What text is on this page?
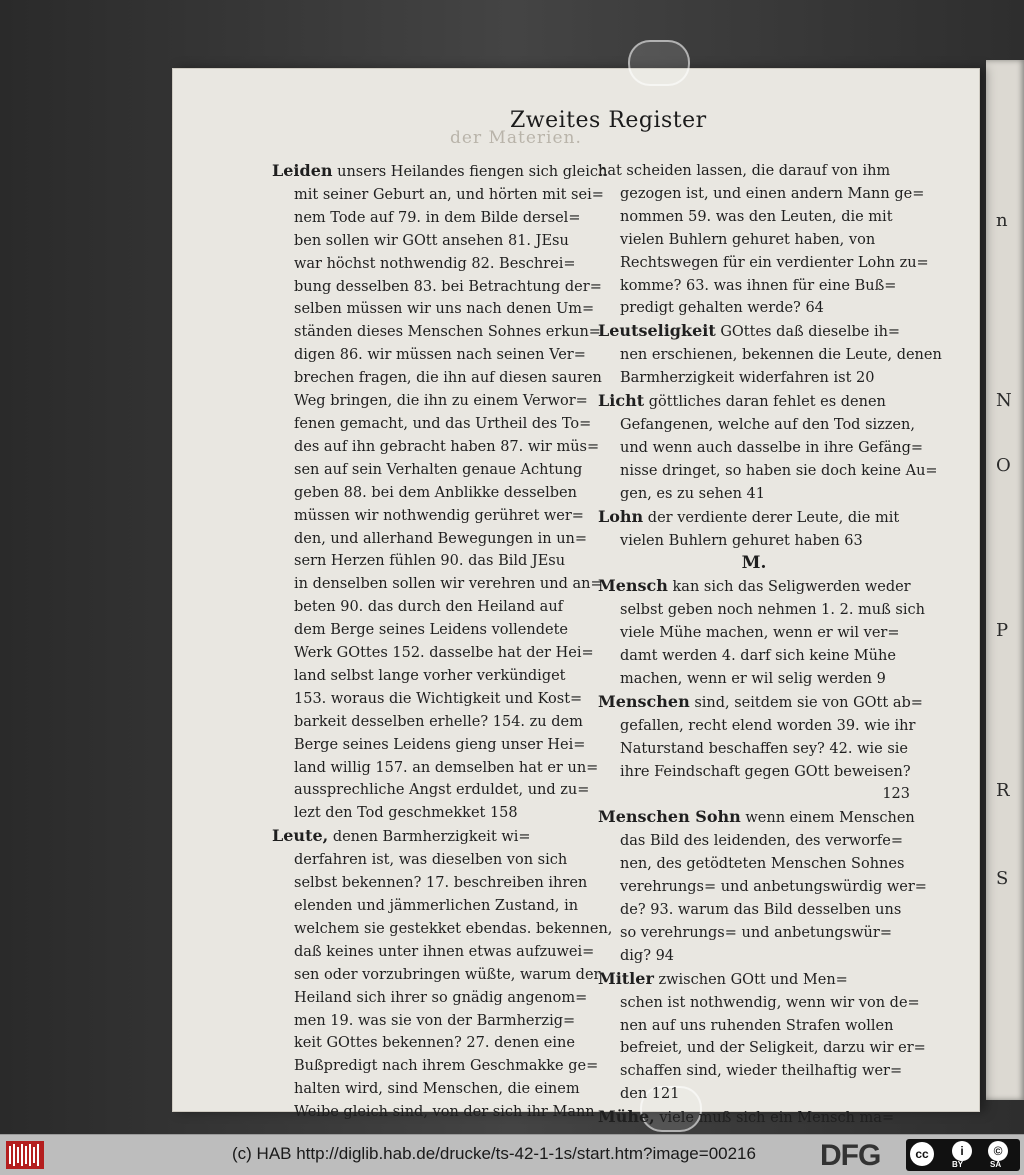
n
N
O
P
R
S
der Materien.
Zweites Register
Leiden unsers Heilandes fiengen sich gleich
mit seiner Geburt an, und hörten mit sei=
nem Tode auf 79. in dem Bilde dersel=
ben sollen wir GOtt ansehen 81. JEsu
war höchst nothwendig 82. Beschrei=
bung desselben 83. bei Betrachtung der=
selben müssen wir uns nach denen Um=
ständen dieses Menschen Sohnes erkun=
digen 86. wir müssen nach seinen Ver=
brechen fragen, die ihn auf diesen sauren
Weg bringen, die ihn zu einem Verwor=
fenen gemacht, und das Urtheil des To=
des auf ihn gebracht haben 87. wir müs=
sen auf sein Verhalten genaue Achtung
geben 88. bei dem Anblikke desselben
müssen wir nothwendig gerühret wer=
den, und allerhand Bewegungen in un=
sern Herzen fühlen 90. das Bild JEsu
in denselben sollen wir verehren und an=
beten 90. das durch den Heiland auf
dem Berge seines Leidens vollendete
Werk GOttes 152. dasselbe hat der Hei=
land selbst lange vorher verkündiget
153. woraus die Wichtigkeit und Kost=
barkeit desselben erhelle? 154. zu dem
Berge seines Leidens gieng unser Hei=
land willig 157. an demselben hat er un=
aussprechliche Angst erduldet, und zu=
lezt den Tod geschmekket 158
Leute, denen Barmherzigkeit wi=
derfahren ist, was dieselben von sich
selbst bekennen? 17. beschreiben ihren
elenden und jämmerlichen Zustand, in
welchem sie gestekket ebendas. bekennen,
daß keines unter ihnen etwas aufzuwei=
sen oder vorzubringen wüßte, warum der
Heiland sich ihrer so gnädig angenom=
men 19. was sie von der Barmherzig=
keit GOttes bekennen? 27. denen eine
Bußpredigt nach ihrem Geschmakke ge=
halten wird, sind Menschen, die einem
Weibe gleich sind, von der sich ihr Mann
hat scheiden lassen, die darauf von ihm
gezogen ist, und einen andern Mann ge=
nommen 59. was den Leuten, die mit
vielen Buhlern gehuret haben, von
Rechtswegen für ein verdienter Lohn zu=
komme? 63. was ihnen für eine Buß=
predigt gehalten werde? 64
Leutseligkeit GOttes daß dieselbe ih=
nen erschienen, bekennen die Leute, denen
Barmherzigkeit widerfahren ist 20
Licht göttliches daran fehlet es denen
Gefangenen, welche auf den Tod sizzen,
und wenn auch dasselbe in ihre Gefäng=
nisse dringet, so haben sie doch keine Au=
gen, es zu sehen 41
Lohn der verdiente derer Leute, die mit
vielen Buhlern gehuret haben 63
M.
Mensch kan sich das Seligwerden weder
selbst geben noch nehmen 1. 2. muß sich
viele Mühe machen, wenn er wil ver=
damt werden 4. darf sich keine Mühe
machen, wenn er wil selig werden 9
Menschen sind, seitdem sie von GOtt ab=
gefallen, recht elend worden 39. wie ihr
Naturstand beschaffen sey? 42. wie sie
ihre Feindschaft gegen GOtt beweisen?
123
Menschen Sohn wenn einem Menschen
das Bild des leidenden, des verworfe=
nen, des getödteten Menschen Sohnes
verehrungs= und anbetungswürdig wer=
de? 93. warum das Bild desselben uns
so verehrungs= und anbetungswür=
dig? 94
Mitler zwischen GOtt und Men=
schen ist nothwendig, wenn wir von de=
nen auf uns ruhenden Strafen wollen
befreiet, und der Seligkeit, darzu wir er=
schaffen sind, wieder theilhaftig wer=
den 121
Mühe, viele muß sich ein Mensch ma=
(c) HAB http://diglib.hab.de/drucke/ts-42-1-1s/start.htm?image=00216 DFG	cc	i	©
BY	SA
